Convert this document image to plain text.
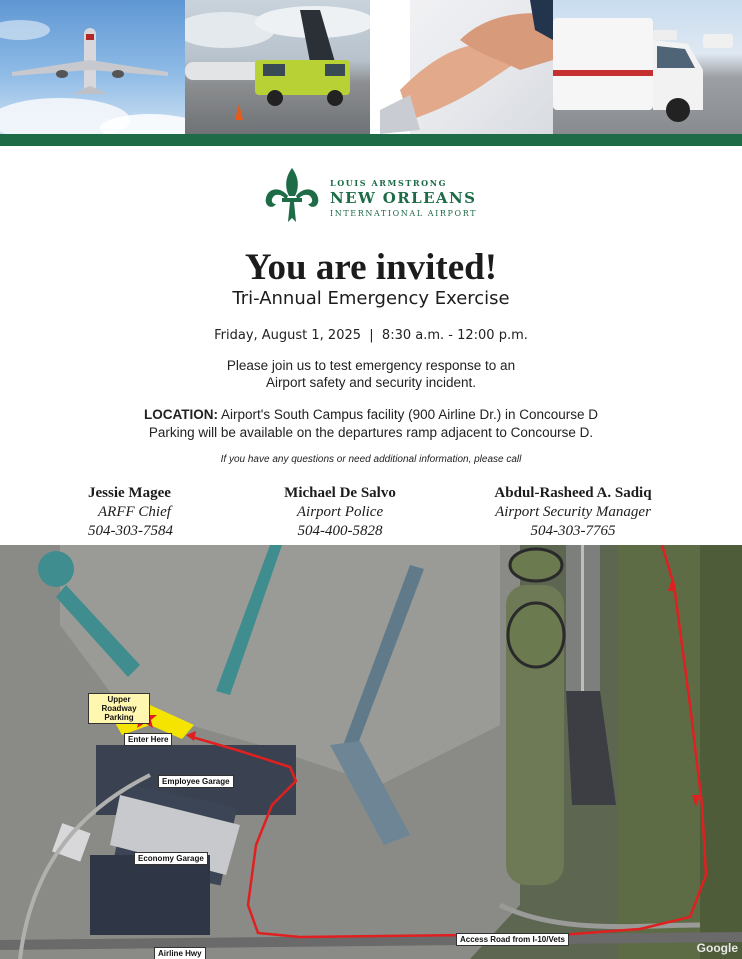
LOUIS ARMSTRONG
NEW ORLEANS
INTERNATIONAL AIRPORT
You are invited!
Tri-Annual Emergency Exercise
Friday, August 1, 2025  |  8:30 a.m. - 12:00 p.m.
Please join us to test emergency response to an
Airport safety and security incident.
LOCATION: Airport's South Campus facility (900 Airline Dr.) in Concourse D
Parking will be available on the departures ramp adjacent to Concourse D.
If you have any questions or need additional information, please call
Jessie Magee
ARFF Chief
504-303-7584
Michael De Salvo
Airport Police
504-400-5828
Abdul-Rasheed A. Sadiq
Airport Security Manager
504-303-7765
Upper Roadway Parking
Enter Here
Employee Garage
Economy Garage
Access Road from I-10/Vets
Airline Hwy	Google
